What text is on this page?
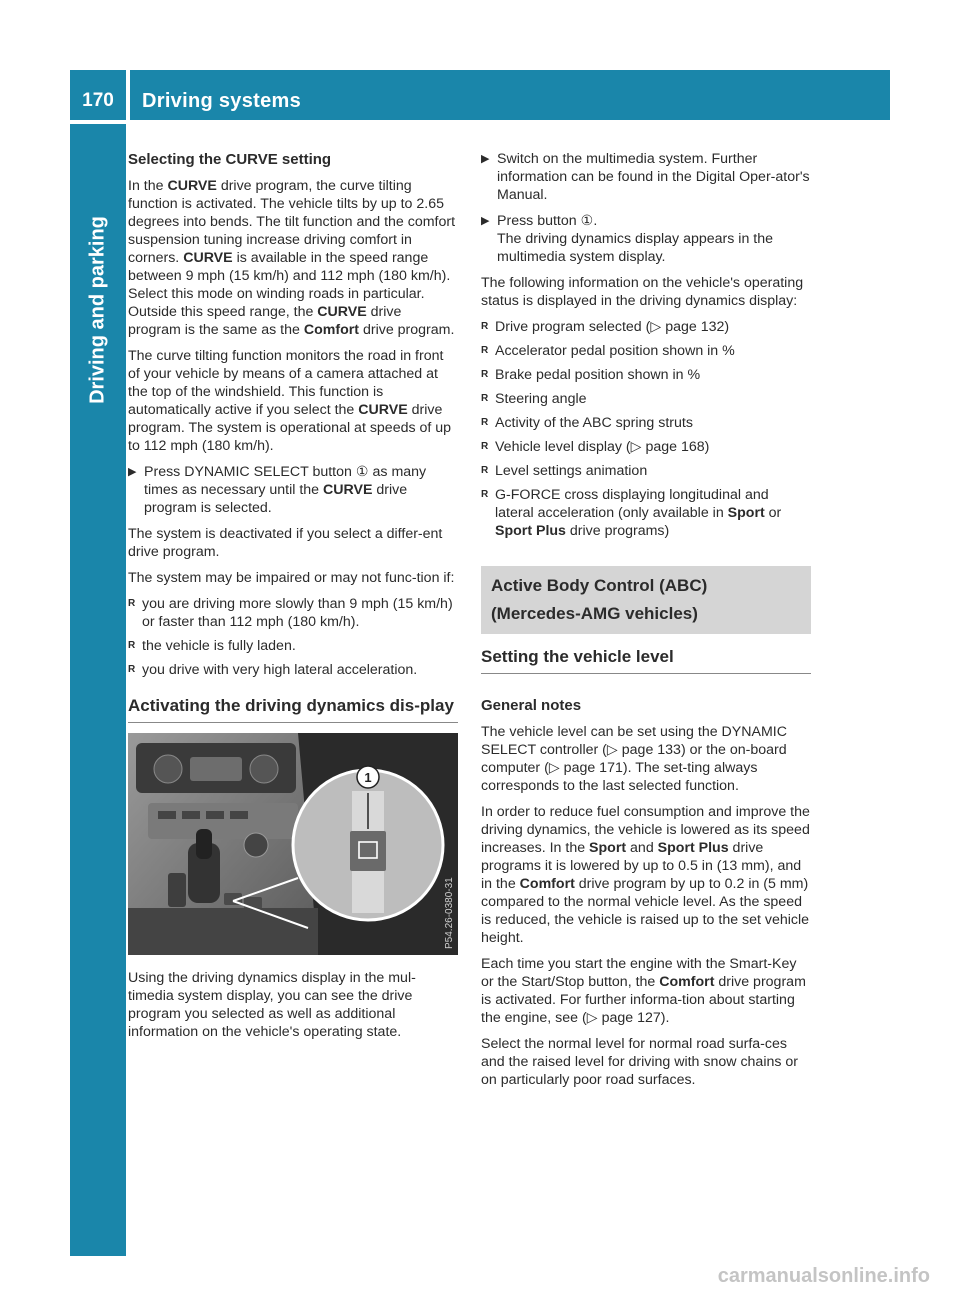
170	Driving systems
Driving and parking
Selecting the CURVE setting

In the CURVE drive program, the curve tilting function is activated. The vehicle tilts by up to 2.65 degrees into bends. The tilt function and the comfort suspension tuning increase driving comfort in corners. CURVE is available in the speed range between 9 mph (15 km/h) and 112 mph (180 km/h). Select this mode on winding roads in particular. Outside this speed range, the CURVE drive program is the same as the Comfort drive program.

The curve tilting function monitors the road in front of your vehicle by means of a camera attached at the top of the windshield. This function is automatically active if you select the CURVE drive program. The system is operational at speeds of up to 112 mph (180 km/h).

▶ Press DYNAMIC SELECT button ① as many times as necessary until the CURVE drive program is selected.

The system is deactivated if you select a differ-ent drive program.

The system may be impaired or may not func-tion if:

R you are driving more slowly than 9 mph (15 km/h) or faster than 112 mph (180 km/h).
R the vehicle is fully laden.
R you drive with very high lateral acceleration.
Activating the driving dynamics dis-play
1
P54.26-0380-31

Using the driving dynamics display in the mul-timedia system display, you can see the drive program you selected as well as additional information on the vehicle's operating state.

▶ Switch on the multimedia system. Further information can be found in the Digital Oper-ator's Manual.
▶ Press button ①.
The driving dynamics display appears in the multimedia system display.

The following information on the vehicle's operating status is displayed in the driving dynamics display:

R Drive program selected (▷ page 132)
R Accelerator pedal position shown in %
R Brake pedal position shown in %
R Steering angle
R Activity of the ABC spring struts
R Vehicle level display (▷ page 168)
R Level settings animation
R G-FORCE cross displaying longitudinal and lateral acceleration (only available in Sport or Sport Plus drive programs)
Active Body Control (ABC) (Mercedes-AMG vehicles)
Setting the vehicle level
General notes

The vehicle level can be set using the DYNAMIC SELECT controller (▷ page 133) or the on-board computer (▷ page 171). The set-ting always corresponds to the last selected function.

In order to reduce fuel consumption and improve the driving dynamics, the vehicle is lowered as its speed increases. In the Sport and Sport Plus drive programs it is lowered by up to 0.5 in (13 mm), and in the Comfort drive program by up to 0.2 in (5 mm) compared to the normal vehicle level. As the speed is reduced, the vehicle is raised up to the set vehicle height.

Each time you start the engine with the Smart-Key or the Start/Stop button, the Comfort drive program is activated. For further informa-tion about starting the engine, see (▷ page 127).

Select the normal level for normal road surfa-ces and the raised level for driving with snow chains or on particularly poor road surfaces.

carmanualsonline.info
